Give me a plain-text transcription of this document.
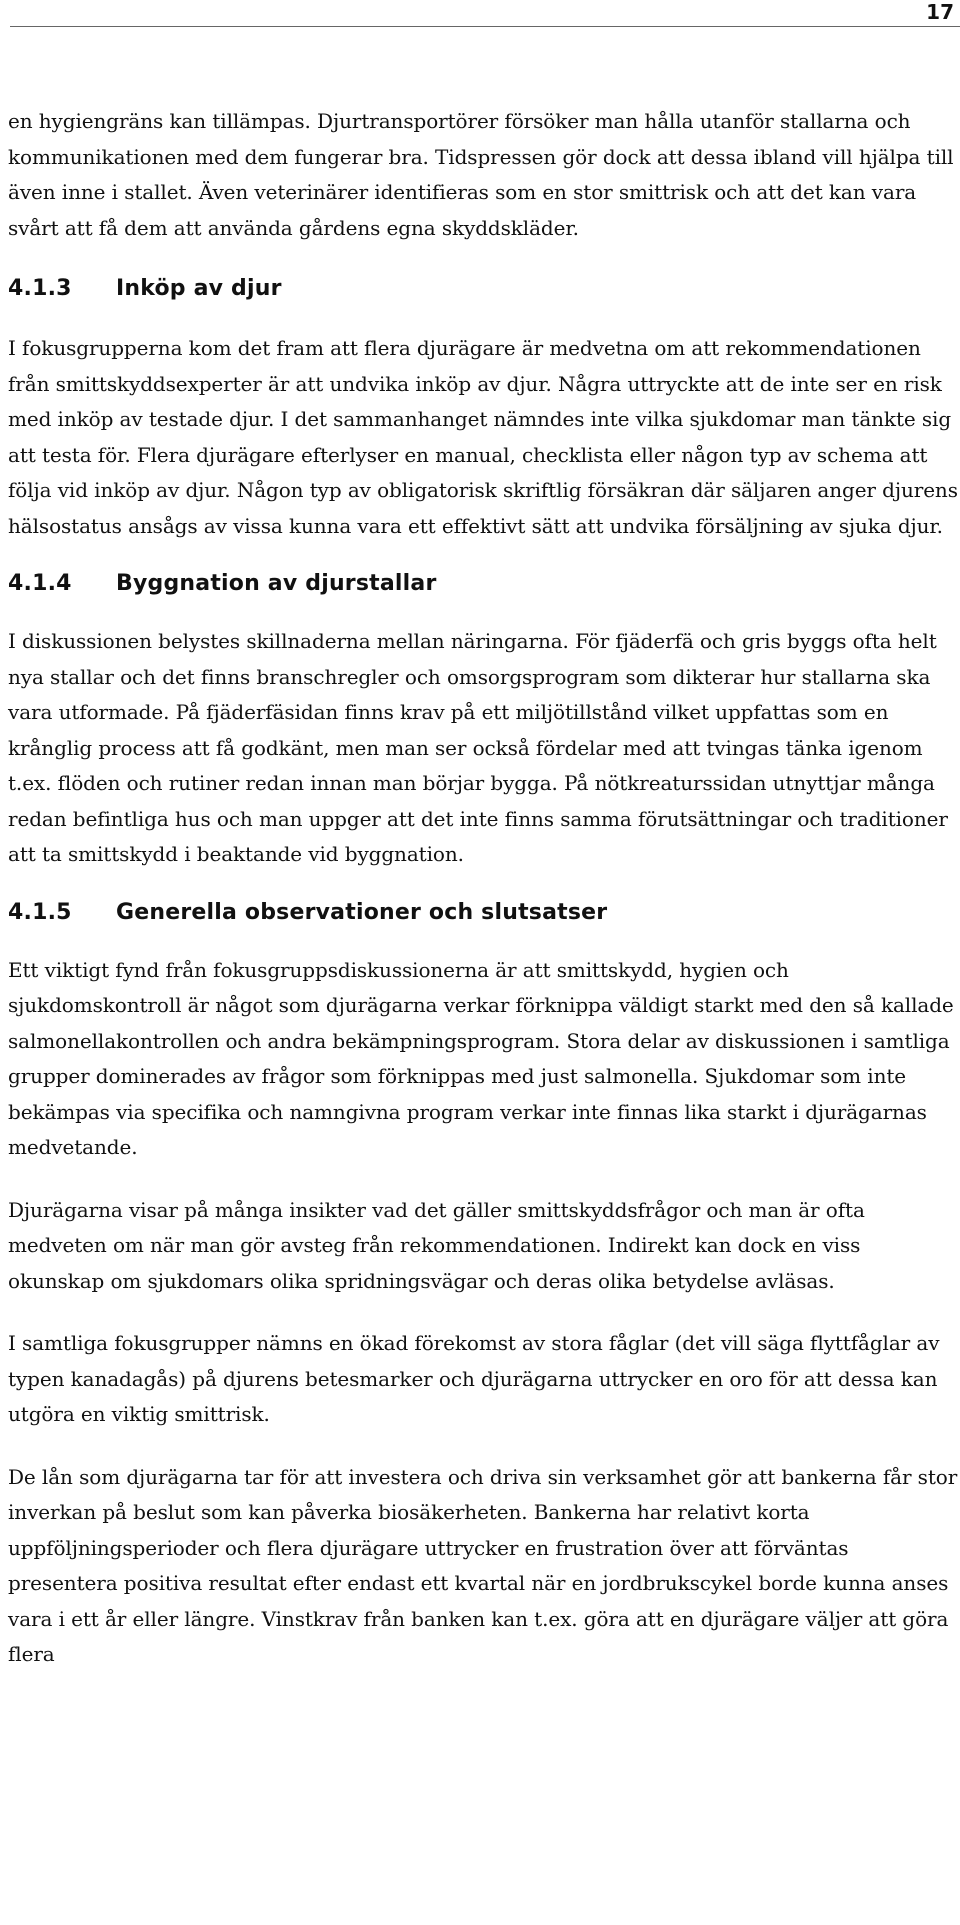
17

en hygiengräns kan tillämpas. Djurtransportörer försöker man hålla utanför stallarna och kommunikationen med dem fungerar bra. Tidspressen gör dock att dessa ibland vill hjälpa till även inne i stallet. Även veterinärer identifieras som en stor smittrisk och att det kan vara svårt att få dem att använda gårdens egna skyddskläder.

4.1.3 Inköp av djur

I fokusgrupperna kom det fram att flera djurägare är medvetna om att rekommendationen från smittskyddsexperter är att undvika inköp av djur. Några uttryckte att de inte ser en risk med inköp av testade djur. I det sammanhanget nämndes inte vilka sjukdomar man tänkte sig att testa för. Flera djurägare efterlyser en manual, checklista eller någon typ av schema att följa vid inköp av djur. Någon typ av obligatorisk skriftlig försäkran där säljaren anger djurens hälsostatus ansågs av vissa kunna vara ett effektivt sätt att undvika försäljning av sjuka djur.

4.1.4 Byggnation av djurstallar

I diskussionen belystes skillnaderna mellan näringarna. För fjäderfä och gris byggs ofta helt nya stallar och det finns branschregler och omsorgsprogram som dikterar hur stallarna ska vara utformade. På fjäderfäsidan finns krav på ett miljötillstånd vilket uppfattas som en krånglig process att få godkänt, men man ser också fördelar med att tvingas tänka igenom t.ex. flöden och rutiner redan innan man börjar bygga. På nötkreaturssidan utnyttjar många redan befintliga hus och man uppger att det inte finns samma förutsättningar och traditioner att ta smittskydd i beaktande vid byggnation.

4.1.5 Generella observationer och slutsatser

Ett viktigt fynd från fokusgruppsdiskussionerna är att smittskydd, hygien och sjukdomskontroll är något som djurägarna verkar förknippa väldigt starkt med den så kallade salmonellakontrollen och andra bekämpningsprogram. Stora delar av diskussionen i samtliga grupper dominerades av frågor som förknippas med just salmonella. Sjukdomar som inte bekämpas via specifika och namngivna program verkar inte finnas lika starkt i djurägarnas medvetande.

Djurägarna visar på många insikter vad det gäller smittskyddsfrågor och man är ofta medveten om när man gör avsteg från rekommendationen. Indirekt kan dock en viss okunskap om sjukdomars olika spridningsvägar och deras olika betydelse avläsas.

I samtliga fokusgrupper nämns en ökad förekomst av stora fåglar (det vill säga flyttfåglar av typen kanadagås) på djurens betesmarker och djurägarna uttrycker en oro för att dessa kan utgöra en viktig smittrisk.

De lån som djurägarna tar för att investera och driva sin verksamhet gör att bankerna får stor inverkan på beslut som kan påverka biosäkerheten. Bankerna har relativt korta uppföljningsperioder och flera djurägare uttrycker en frustration över att förväntas presentera positiva resultat efter endast ett kvartal när en jordbrukscykel borde kunna anses vara i ett år eller längre. Vinstkrav från banken kan t.ex. göra att en djurägare väljer att göra flera
